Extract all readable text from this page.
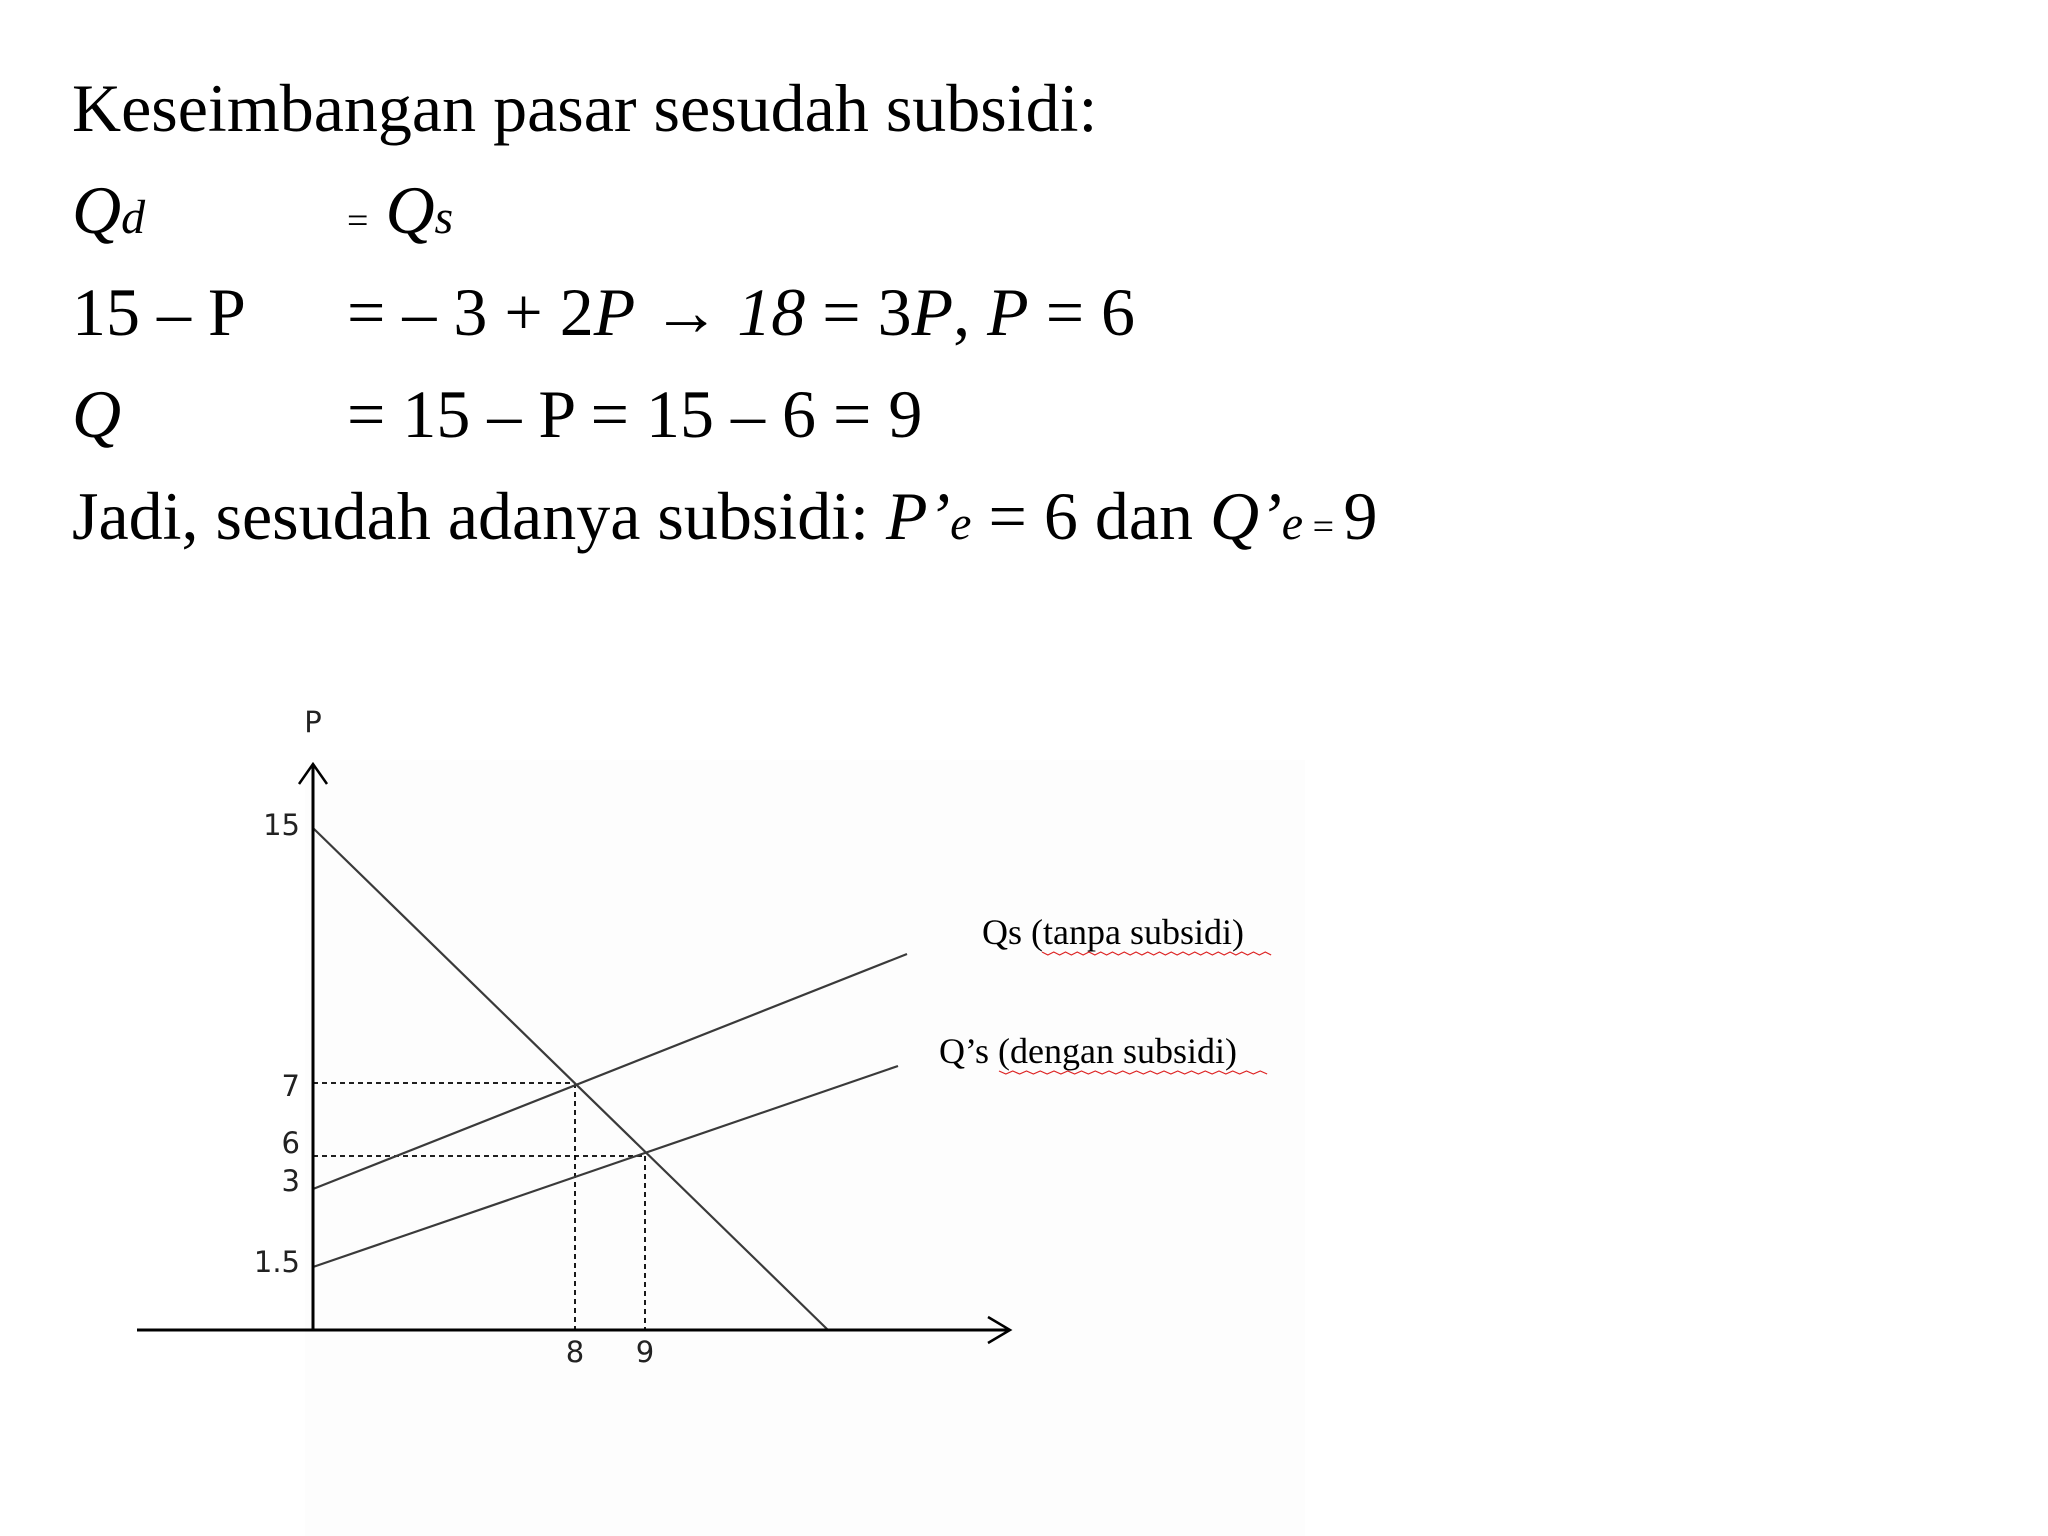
Keseimbangan pasar sesudah subsidi:
Qd	= Qs
15 – P = – 3 + 2P → 18 = 3P, P = 6
Q	= 15 – P = 15 – 6 = 9
Jadi, sesudah adanya subsidi: P’e = 6 dan Q’e = 9
P
Qs (tanpa subsidi)
Q’s (dengan subsidi)
15
7
6
3
1.5
8 9
